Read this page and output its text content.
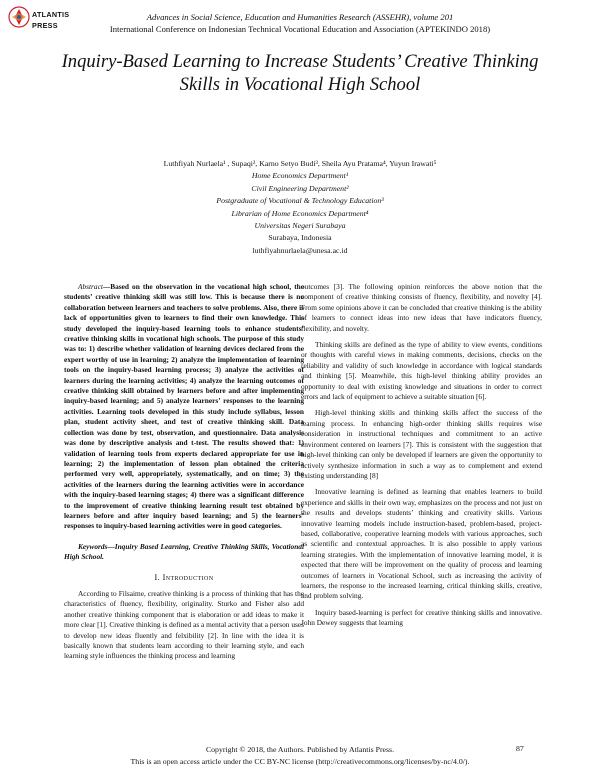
ATLANTIS
PRESS
Advances in Social Science, Education and Humanities Research (ASSEHR), volume 201
International Conference on Indonesian Technical Vocational Education and Association (APTEKINDO 2018)
Inquiry-Based Learning to Increase Students’ Creative Thinking Skills in Vocational High School
Luthfiyah Nurlaela¹ , Supaqi², Karno Setyo Budi³, Sheila Ayu Pratama⁴, Yuyun Irawati⁵
Home Economics Department¹
Civil Engineering Department²
Postgraduate of Vocational & Technology Education³
Librarian of Home Economics Department⁴
Universitas Negeri Surabaya
Surabaya, Indonesia
luthfiyahnurlaela@unesa.ac.id

Abstract—Based on the observation in the vocational high school, the students’ creative thinking skill was still low. This is because there is no collaboration between learners and teachers to solve problems. Also, there is lack of opportunities given to learners to find their own knowledge. This study developed the inquiry-based learning tools to enhance students’ creative thinking skills in vocational high schools. The purpose of this study was to: 1) describe whether validation of learning devices declared from the expert worthy of use in learning; 2) analyze the implementation of learning tools on the inquiry-based learning process; 3) analyze the activities of learners during the learning activities; 4) analyze the learning outcomes of creative thinking skill obtained by learners before and after implementing inquiry-based learning; and 5) analyze learners’ responses to the learning activities. Learning tools developed in this study include syllabus, lesson plan, student activity sheet, and test of creative thinking skill. Data collection was done by test, observation, and questionnaire. Data analysis was done by descriptive analysis and t-test. The results showed that: 1) validation of learning tools from experts declared appropriate for use in learning; 2) the implementation of lesson plan obtained the criteria performed very well, appropriately, systematically, and on time; 3) the activities of the learners during the learning activities were in accordance with the inquiry-based learning stages; 4) there was a significant difference to the improvement of creative thinking learning result test obtained by learners before and after inquiry based learning; and 5) the learners’ responses to inquiry-based learning activities were in good categories.

Keywords—Inquiry Based Learning, Creative Thinking Skills, Vocational High School.

I. Introduction

According to Filsaime, creative thinking is a process of thinking that has the characteristics of fluency, flexibility, originality. Sturko and Fisher also add another creative thinking component that is elaboration or add ideas to make it more clear [1]. Creative thinking is defined as a mental activity that a person uses to develop new ideas fluently and felxibility [2]. In line with the idea it is basically known that students learn according to their learning style, and each learning style influences the thinking process and learning

outcomes [3]. The following opinion reinforces the above notion that the component of creative thinking consists of fluency, flexibility, and novelty [4]. From some opinions above it can be concluded that creative thinking is the ability of learners to connect ideas into new ideas that have indicators fluency, flexibility, and novelty.

Thinking skills are defined as the type of ability to view events, conditions or thoughts with careful views in making comments, decisions, checks on the reliability and validity of such knowledge in accordance with logical standards and thinking [5]. Meanwhile, this high-level thinking ability provides an opportunity to deal with existing knowledge and situations in order to correct errors and lack of equipment to achieve a suitable situation [6].

High-level thinking skills and thinking skills affect the success of the learning process. In enhancing high-order thinking skills requires wise consideration in instructional techniques and commitment to an active environment centered on learners [7]. This is consistent with the suggestion that high-level thinking can only be developed if learners are given the opportunity to actively synthesize information in such a way as to complement and extend existing understanding [8]

Innovative learning is defined as learning that enables learners to build experience and skills in their own way, emphasizes on the process and not just on the results and develops students’ thinking and creativity skills. Various innovative learning models include instruction-based, problem-based, project-based, collaborative, cooperative learning models with various approaches, such as scientific and contextual approaches. It is also possible to apply various learning strategies. With the implementation of innovative learning model, it is expected that there will be improvement on the quality of process and learning outcomes of learners in Vocational School, such as increasing the activity of learners, the response to the increased learning, critical thinking skills, creative, and problem solving.

Inquiry based-learning is perfect for creative thinking skills and innovative. John Dewey suggests that learning

Copyright © 2018, the Authors. Published by Atlantis Press.
This is an open access article under the CC BY-NC license (http://creativecommons.org/licenses/by-nc/4.0/).
87
